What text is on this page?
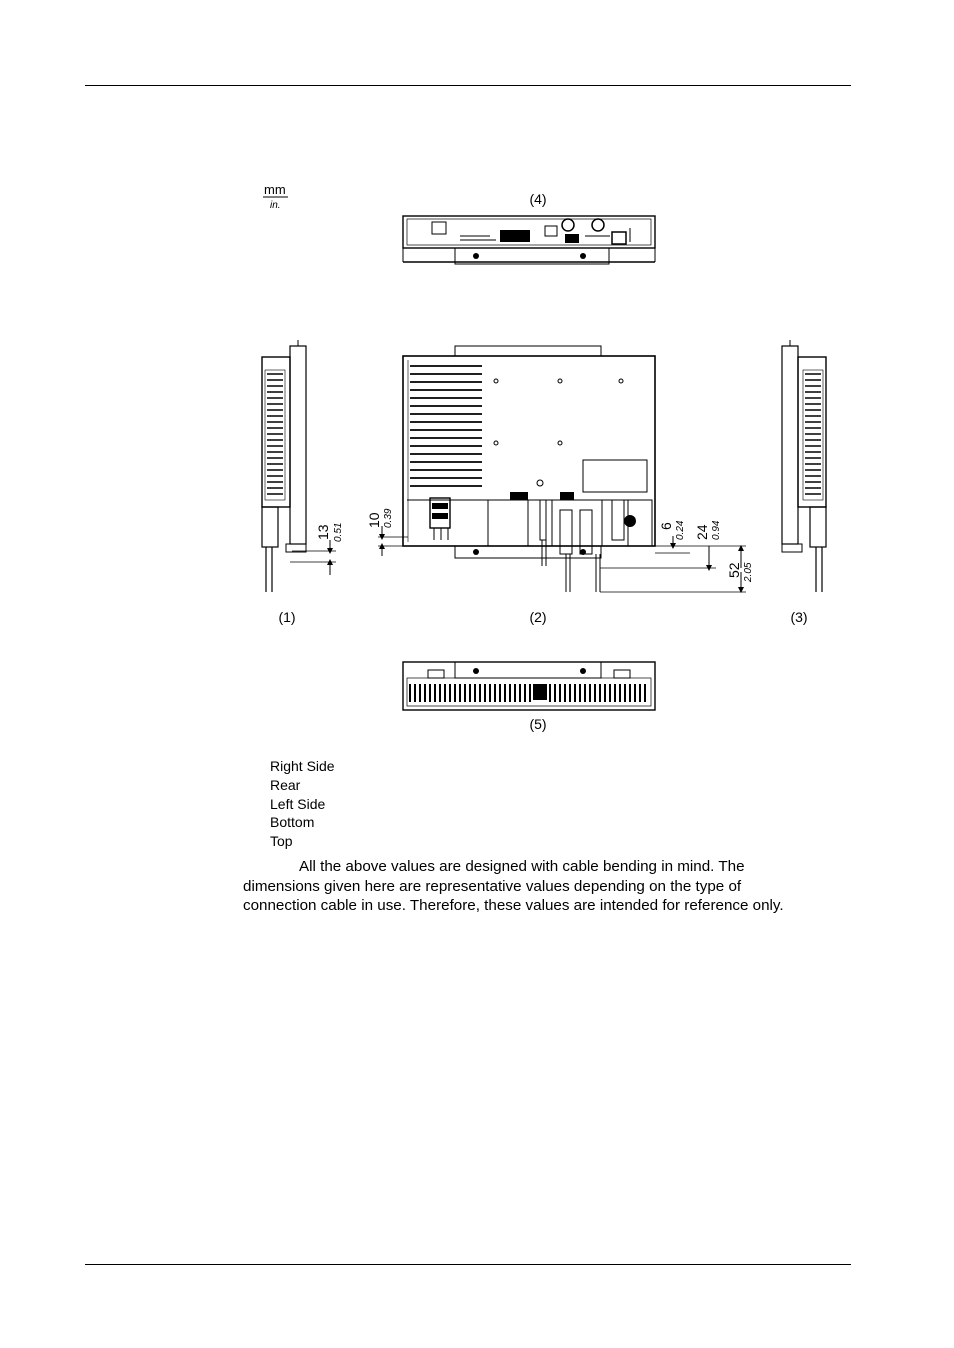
mm
in.	(4)
13 0.51
(1)
10 0.39	6 0.24 24 0.94
52 2.05
(2)	(3)
(5)
Right Side
Rear
Left Side
Bottom
Top
All the above values are designed with cable bending in mind. The
dimensions given here are representative values depending on the type of
connection cable in use. Therefore, these values are intended for reference only.
